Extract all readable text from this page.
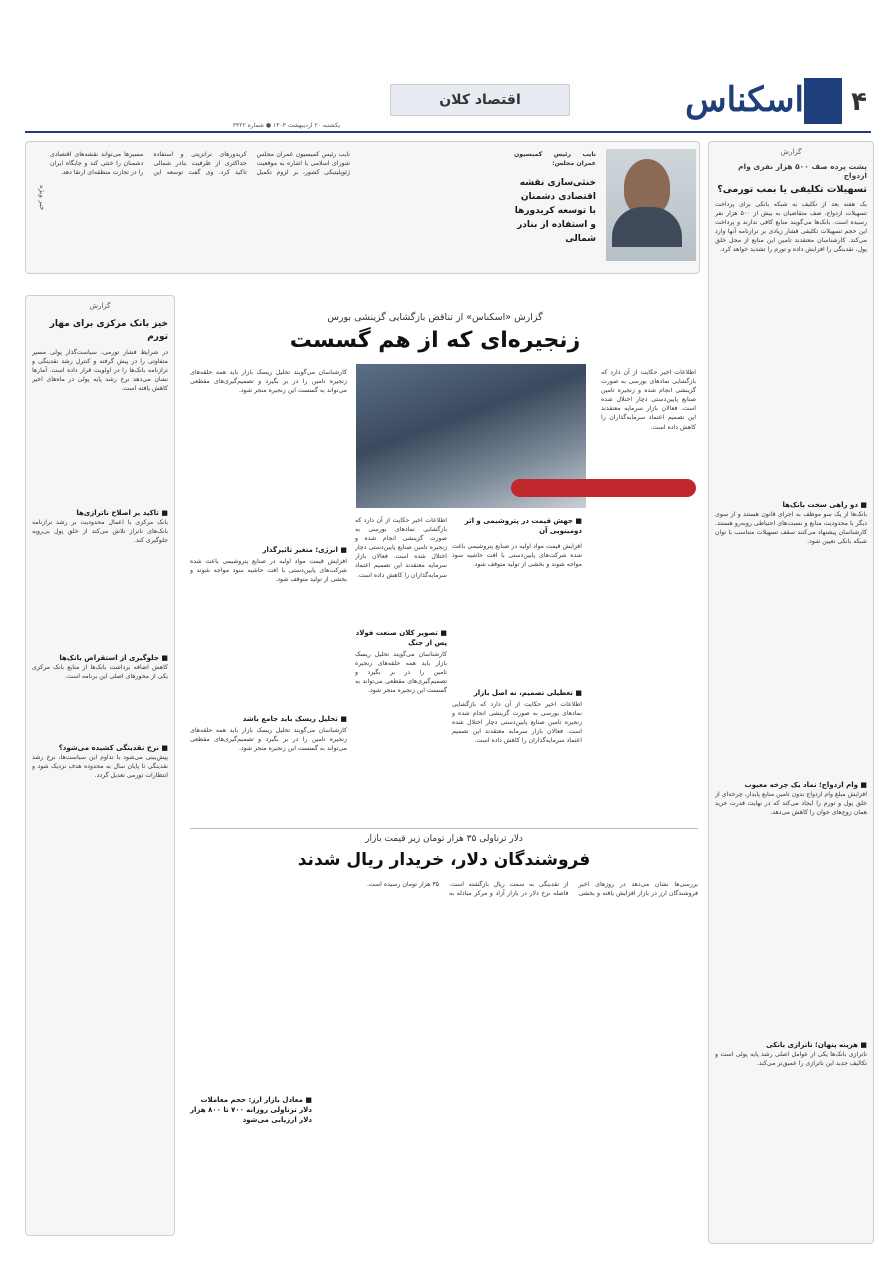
۴
اسکناس
اقتصاد کلان
یکشنبه ۲۰ اردیبهشت ۱۴۰۳ ● شماره ۳۳۲۲
گزارش
پشت پرده صف ۵۰۰ هزار نفری وام ازدواج
تسهیلات تکلیفی یا بمب تورمی؟
یک هفته بعد از تکلیف به شبکه بانکی برای پرداخت تسهیلات ازدواج، صف متقاضیان به بیش از ۵۰۰ هزار نفر رسیده است. بانک‌ها می‌گویند منابع کافی ندارند و پرداخت این حجم تسهیلات تکلیفی فشار زیادی بر ترازنامه آنها وارد می‌کند. کارشناسان معتقدند تامین این منابع از محل خلق پول، نقدینگی را افزایش داده و تورم را تشدید خواهد کرد.
■ دو راهی سخت بانک‌ها
بانک‌ها از یک سو موظف به اجرای قانون هستند و از سوی دیگر با محدودیت منابع و نسبت‌های احتیاطی روبه‌رو هستند. کارشناسان پیشنهاد می‌کنند سقف تسهیلات متناسب با توان شبکه بانکی تعیین شود.
■ وام ازدواج؛ نماد یک چرخه معیوب
افزایش مبلغ وام ازدواج بدون تامین منابع پایدار، چرخه‌ای از خلق پول و تورم را ایجاد می‌کند که در نهایت قدرت خرید همان زوج‌های جوان را کاهش می‌دهد.
■ هزینه پنهان؛ ناترازی بانکی
ناترازی بانک‌ها یکی از عوامل اصلی رشد پایه پولی است و تکالیف جدید این ناترازی را عمیق‌تر می‌کند.
نایب رئیس کمیسیون عمران مجلس:
خنثی‌سازی نقشه اقتصادی دشمنان با توسعه کریدورها و استفاده از بنادر شمالی
نایب رئیس کمیسیون عمران مجلس شورای اسلامی با اشاره به موقعیت ژئوپلیتیکی کشور، بر لزوم تکمیل کریدورهای ترانزیتی و استفاده حداکثری از ظرفیت بنادر شمالی تاکید کرد. وی گفت توسعه این مسیرها می‌تواند نقشه‌های اقتصادی دشمنان را خنثی کند و جایگاه ایران را در تجارت منطقه‌ای ارتقا دهد.
خبر ویژه
گزارش
خیز بانک مرکزی برای مهار تورم
در شرایط فشار تورمی، سیاست‌گذار پولی مسیر متفاوتی را در پیش گرفته و کنترل رشد نقدینگی و ترازنامه بانک‌ها را در اولویت قرار داده است. آمارها نشان می‌دهد نرخ رشد پایه پولی در ماه‌های اخیر کاهش یافته است.
■ تاکید بر اصلاح ناترازی‌ها
بانک مرکزی با اعمال محدودیت بر رشد ترازنامه بانک‌های ناتراز تلاش می‌کند از خلق پول بی‌رویه جلوگیری کند.
■ جلوگیری از استقراض بانک‌ها
کاهش اضافه برداشت بانک‌ها از منابع بانک مرکزی یکی از محورهای اصلی این برنامه است.
■ نرخ نقدینگی کشیده می‌شود؟
پیش‌بینی می‌شود با تداوم این سیاست‌ها، نرخ رشد نقدینگی تا پایان سال به محدوده هدف نزدیک شود و انتظارات تورمی تعدیل گردد.
گزارش «اسکناس» از تناقض بازگشایی گزینشی بورس
زنجیره‌ای که از هم گسست
اطلاعات اخیر حکایت از آن دارد که بازگشایی نمادهای بورسی به صورت گزینشی انجام شده و زنجیره تامین صنایع پایین‌دستی دچار اختلال شده است. فعالان بازار سرمایه معتقدند این تصمیم اعتماد سرمایه‌گذاران را کاهش داده است.
کارشناسان می‌گویند تحلیل ریسک بازار باید همه حلقه‌های زنجیره تامین را در بر بگیرد و تصمیم‌گیری‌های مقطعی می‌تواند به گسست این زنجیره منجر شود.
■ انرژی؛ متغیر تاثیرگذار
افزایش قیمت مواد اولیه در صنایع پتروشیمی باعث شده شرکت‌های پایین‌دستی با افت حاشیه سود مواجه شوند و بخشی از تولید متوقف شود.
■ تحلیل ریسک باید جامع باشد
کارشناسان می‌گویند تحلیل ریسک بازار باید همه حلقه‌های زنجیره تامین را در بر بگیرد و تصمیم‌گیری‌های مقطعی می‌تواند به گسست این زنجیره منجر شود.
■ جهش قیمت در پتروشیمی و اثر دومینویی آن
افزایش قیمت مواد اولیه در صنایع پتروشیمی باعث شده شرکت‌های پایین‌دستی با افت حاشیه سود مواجه شوند و بخشی از تولید متوقف شود.
■ تصویر کلان صنعت فولاد پس از جنگ
اطلاعات اخیر حکایت از آن دارد که بازگشایی نمادهای بورسی به صورت گزینشی انجام شده و زنجیره تامین صنایع پایین‌دستی دچار اختلال شده است. فعالان بازار سرمایه معتقدند این تصمیم اعتماد سرمایه‌گذاران را کاهش داده است.
کارشناسان می‌گویند تحلیل ریسک بازار باید همه حلقه‌های زنجیره تامین را در بر بگیرد و تصمیم‌گیری‌های مقطعی می‌تواند به گسست این زنجیره منجر شود.	■ تعطیلی تصمیم، نه اصل بازار
اطلاعات اخیر حکایت از آن دارد که بازگشایی نمادهای بورسی به صورت گزینشی انجام شده و زنجیره تامین صنایع پایین‌دستی دچار اختلال شده است. فعالان بازار سرمایه معتقدند این تصمیم اعتماد سرمایه‌گذاران را کاهش داده است.
دلار ترناولی ۳۵ هزار تومان زیر قیمت بازار
فروشندگان دلار، خریدار ریال شدند
بررسی‌ها نشان می‌دهد در روزهای اخیر فروشندگان ارز در بازار افزایش یافته و بخشی از نقدینگی به سمت ریال بازگشته است. فاصله نرخ دلار در بازار آزاد و مرکز مبادله به ۳۵ هزار تومان رسیده است.
■ معادل بازار ارز: حجم معاملات دلار ترناولی روزانه ۷۰۰ تا ۸۰۰ هزار دلار ارزیابی می‌شود
